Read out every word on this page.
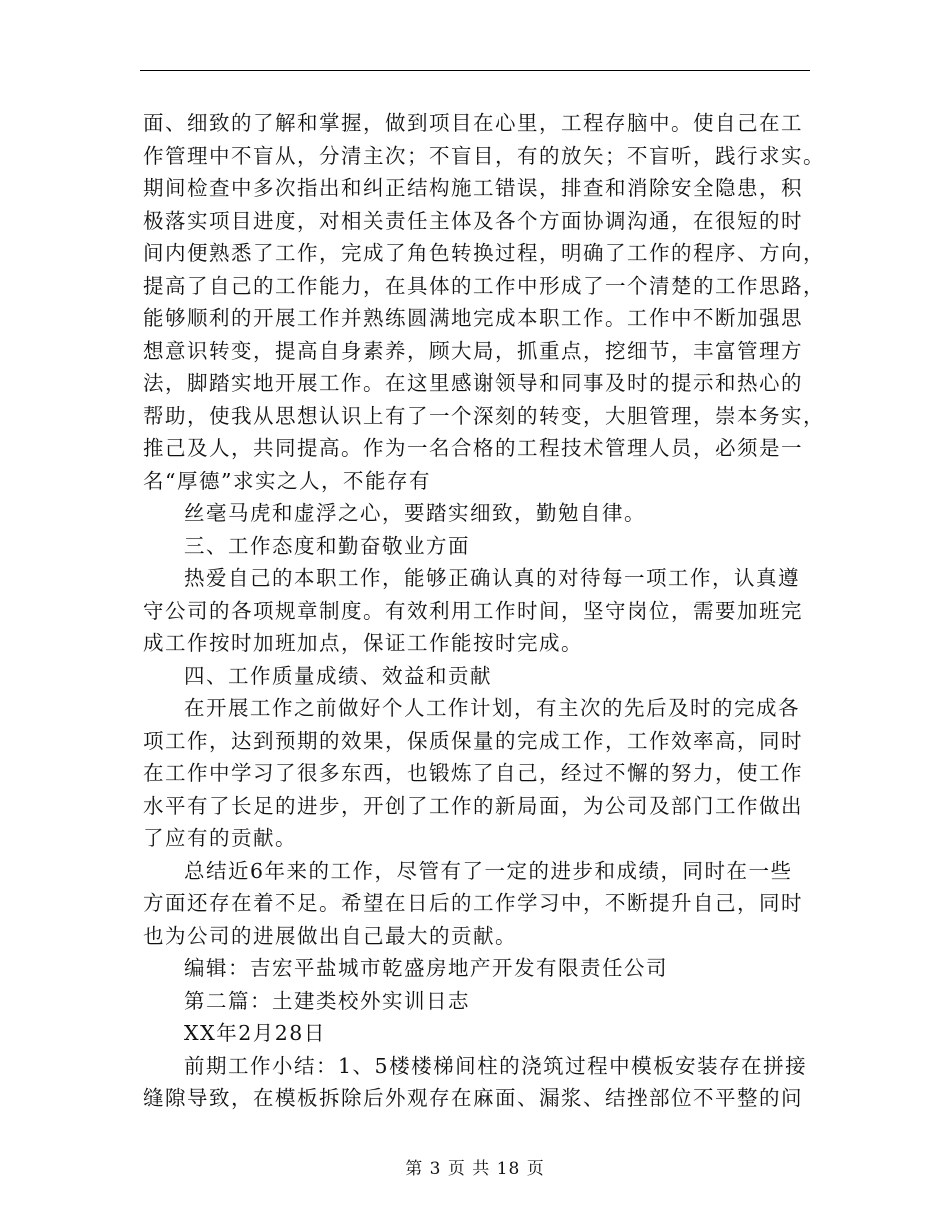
面、细致的了解和掌握，做到项目在心里，工程存脑中。使自己在工
作管理中不盲从，分清主次；不盲目，有的放矢；不盲听，践行求实。
期间检查中多次指出和纠正结构施工错误，排查和消除安全隐患，积
极落实项目进度，对相关责任主体及各个方面协调沟通，在很短的时
间内便熟悉了工作，完成了角色转换过程，明确了工作的程序、方向，
提高了自己的工作能力，在具体的工作中形成了一个清楚的工作思路，
能够顺利的开展工作并熟练圆满地完成本职工作。工作中不断加强思
想意识转变，提高自身素养，顾大局，抓重点，挖细节，丰富管理方
法，脚踏实地开展工作。在这里感谢领导和同事及时的提示和热心的
帮助，使我从思想认识上有了一个深刻的转变，大胆管理，崇本务实，
推己及人，共同提高。作为一名合格的工程技术管理人员，必须是一
名“厚德”求实之人，不能存有
丝毫马虎和虚浮之心，要踏实细致，勤勉自律。
三、工作态度和勤奋敬业方面
热爱自己的本职工作，能够正确认真的对待每一项工作，认真遵
守公司的各项规章制度。有效利用工作时间，坚守岗位，需要加班完
成工作按时加班加点，保证工作能按时完成。
四、工作质量成绩、效益和贡献
在开展工作之前做好个人工作计划，有主次的先后及时的完成各
项工作，达到预期的效果，保质保量的完成工作，工作效率高，同时
在工作中学习了很多东西，也锻炼了自己，经过不懈的努力，使工作
水平有了长足的进步，开创了工作的新局面，为公司及部门工作做出
了应有的贡献。
总结近6年来的工作，尽管有了一定的进步和成绩，同时在一些
方面还存在着不足。希望在日后的工作学习中，不断提升自己，同时
也为公司的进展做出自己最大的贡献。
编辑：吉宏平盐城市乾盛房地产开发有限责任公司
第二篇：土建类校外实训日志
XX年2月28日
前期工作小结：1、5楼楼梯间柱的浇筑过程中模板安装存在拼接
缝隙导致，在模板拆除后外观存在麻面、漏浆、结挫部位不平整的问
第 3 页 共 18 页
